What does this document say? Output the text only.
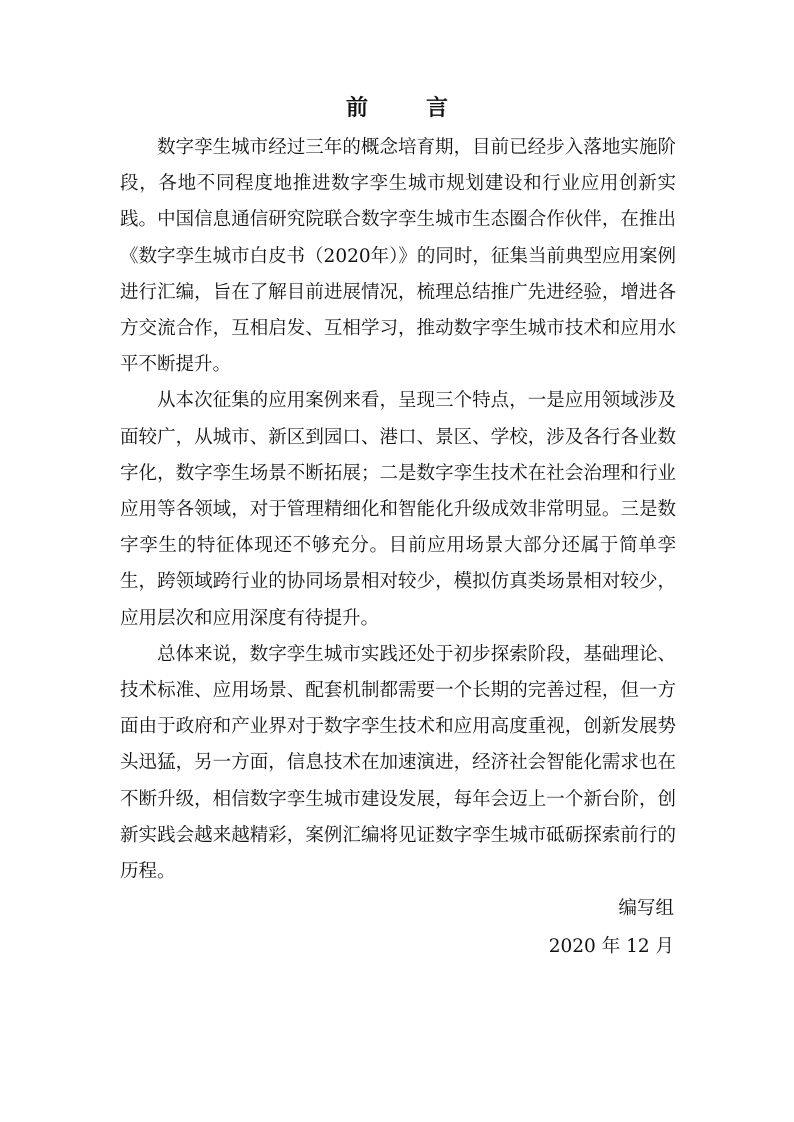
前　言

数字孪生城市经过三年的概念培育期，目前已经步入落地实施阶段，各地不同程度地推进数字孪生城市规划建设和行业应用创新实践。中国信息通信研究院联合数字孪生城市生态圈合作伙伴，在推出《数字孪生城市白皮书（2020年）》的同时，征集当前典型应用案例进行汇编，旨在了解目前进展情况，梳理总结推广先进经验，增进各方交流合作，互相启发、互相学习，推动数字孪生城市技术和应用水平不断提升。

从本次征集的应用案例来看，呈现三个特点，一是应用领域涉及面较广，从城市、新区到园口、港口、景区、学校，涉及各行各业数字化，数字孪生场景不断拓展；二是数字孪生技术在社会治理和行业应用等各领域，对于管理精细化和智能化升级成效非常明显。三是数字孪生的特征体现还不够充分。目前应用场景大部分还属于简单孪生，跨领域跨行业的协同场景相对较少，模拟仿真类场景相对较少，应用层次和应用深度有待提升。

总体来说，数字孪生城市实践还处于初步探索阶段，基础理论、技术标准、应用场景、配套机制都需要一个长期的完善过程，但一方面由于政府和产业界对于数字孪生技术和应用高度重视，创新发展势头迅猛，另一方面，信息技术在加速演进，经济社会智能化需求也在不断升级，相信数字孪生城市建设发展，每年会迈上一个新台阶，创新实践会越来越精彩，案例汇编将见证数字孪生城市砥砺探索前行的历程。

编写组
2020 年 12 月
